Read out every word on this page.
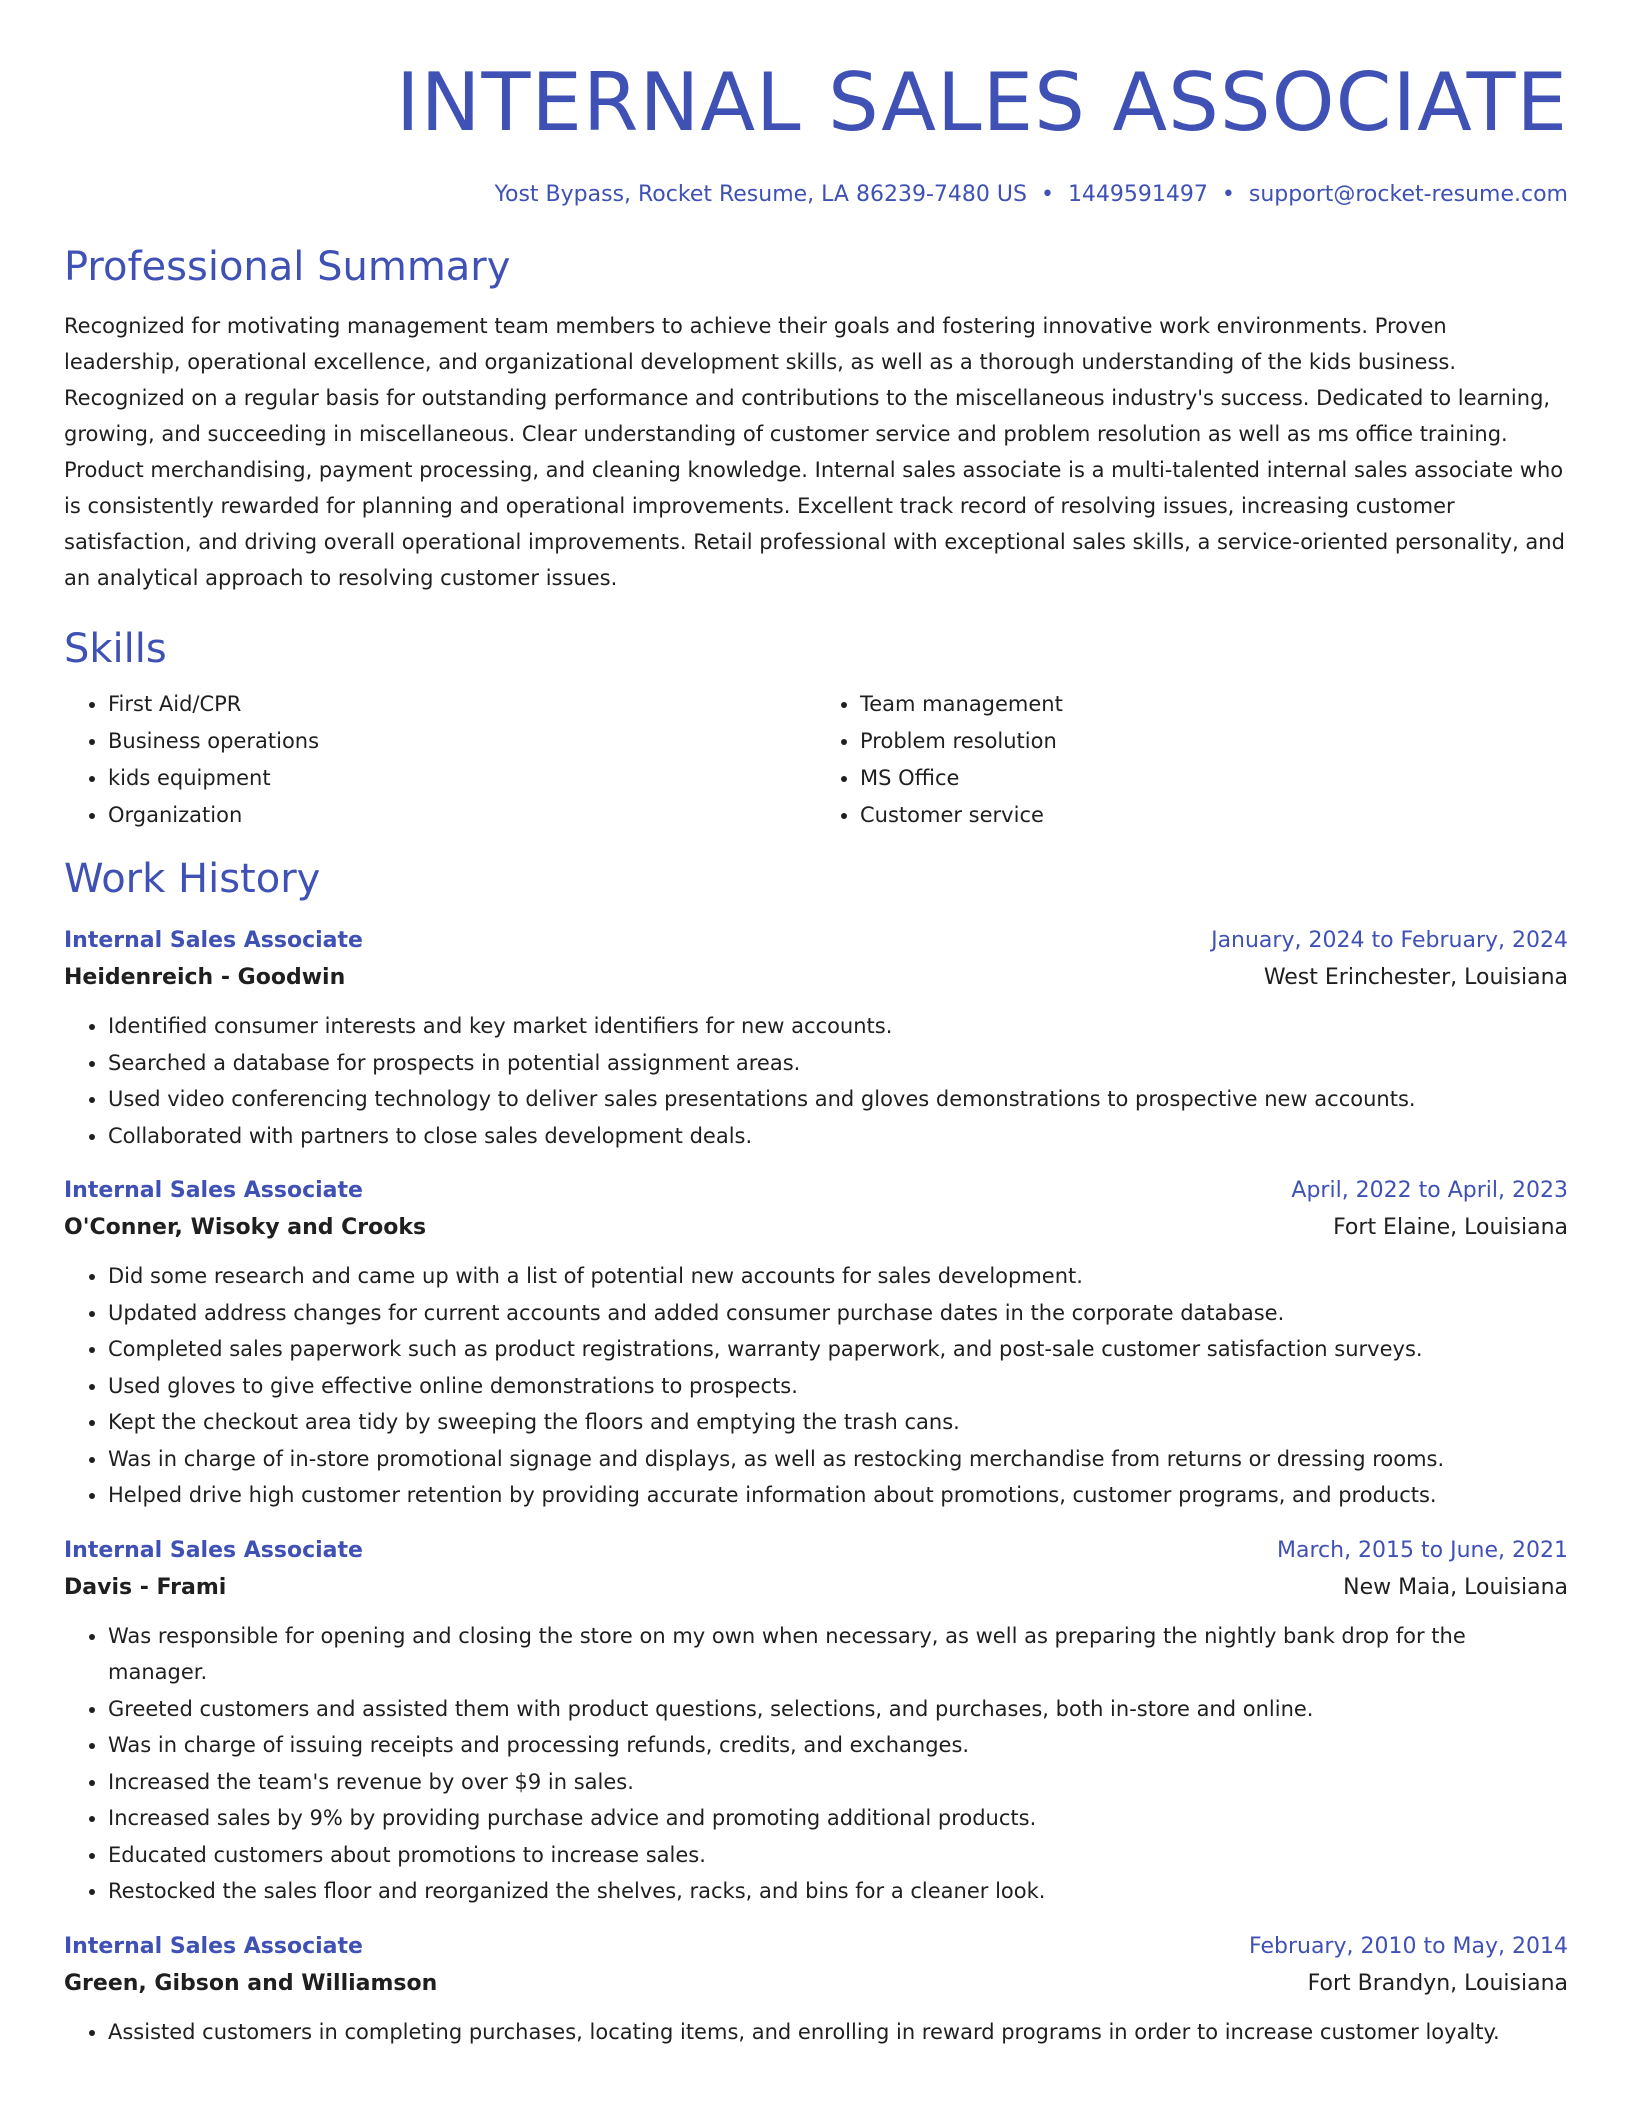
INTERNAL SALES ASSOCIATE
Yost Bypass, Rocket Resume, LA 86239-7480 US • 1449591497 • support@rocket-resume.com
Professional Summary

Recognized for motivating management team members to achieve their goals and fostering innovative work environments. Proven leadership, operational excellence, and organizational development skills, as well as a thorough understanding of the kids business. Recognized on a regular basis for outstanding performance and contributions to the miscellaneous industry's success. Dedicated to learning, growing, and succeeding in miscellaneous. Clear understanding of customer service and problem resolution as well as ms office training. Product merchandising, payment processing, and cleaning knowledge. Internal sales associate is a multi-talented internal sales associate who is consistently rewarded for planning and operational improvements. Excellent track record of resolving issues, increasing customer satisfaction, and driving overall operational improvements. Retail professional with exceptional sales skills, a service-oriented personality, and an analytical approach to resolving customer issues.

Skills
• First Aid/CPR
• Business operations
• kids equipment
• Organization
• Team management
• Problem resolution
• MS Office
• Customer service
Work History
Internal Sales Associate	January, 2024 to February, 2024
Heidenreich - Goodwin	West Erinchester, Louisiana
• Identified consumer interests and key market identifiers for new accounts.
• Searched a database for prospects in potential assignment areas.
• Used video conferencing technology to deliver sales presentations and gloves demonstrations to prospective new accounts.
• Collaborated with partners to close sales development deals.
Internal Sales Associate	April, 2022 to April, 2023
O'Conner, Wisoky and Crooks	Fort Elaine, Louisiana
• Did some research and came up with a list of potential new accounts for sales development.
• Updated address changes for current accounts and added consumer purchase dates in the corporate database.
• Completed sales paperwork such as product registrations, warranty paperwork, and post-sale customer satisfaction surveys.
• Used gloves to give effective online demonstrations to prospects.
• Kept the checkout area tidy by sweeping the floors and emptying the trash cans.
• Was in charge of in-store promotional signage and displays, as well as restocking merchandise from returns or dressing rooms.
• Helped drive high customer retention by providing accurate information about promotions, customer programs, and products.
Internal Sales Associate	March, 2015 to June, 2021
Davis - Frami	New Maia, Louisiana
• Was responsible for opening and closing the store on my own when necessary, as well as preparing the nightly bank drop for the manager.
• Greeted customers and assisted them with product questions, selections, and purchases, both in-store and online.
• Was in charge of issuing receipts and processing refunds, credits, and exchanges.
• Increased the team's revenue by over $9 in sales.
• Increased sales by 9% by providing purchase advice and promoting additional products.
• Educated customers about promotions to increase sales.
• Restocked the sales floor and reorganized the shelves, racks, and bins for a cleaner look.
Internal Sales Associate	February, 2010 to May, 2014
Green, Gibson and Williamson	Fort Brandyn, Louisiana
• Assisted customers in completing purchases, locating items, and enrolling in reward programs in order to increase customer loyalty.
